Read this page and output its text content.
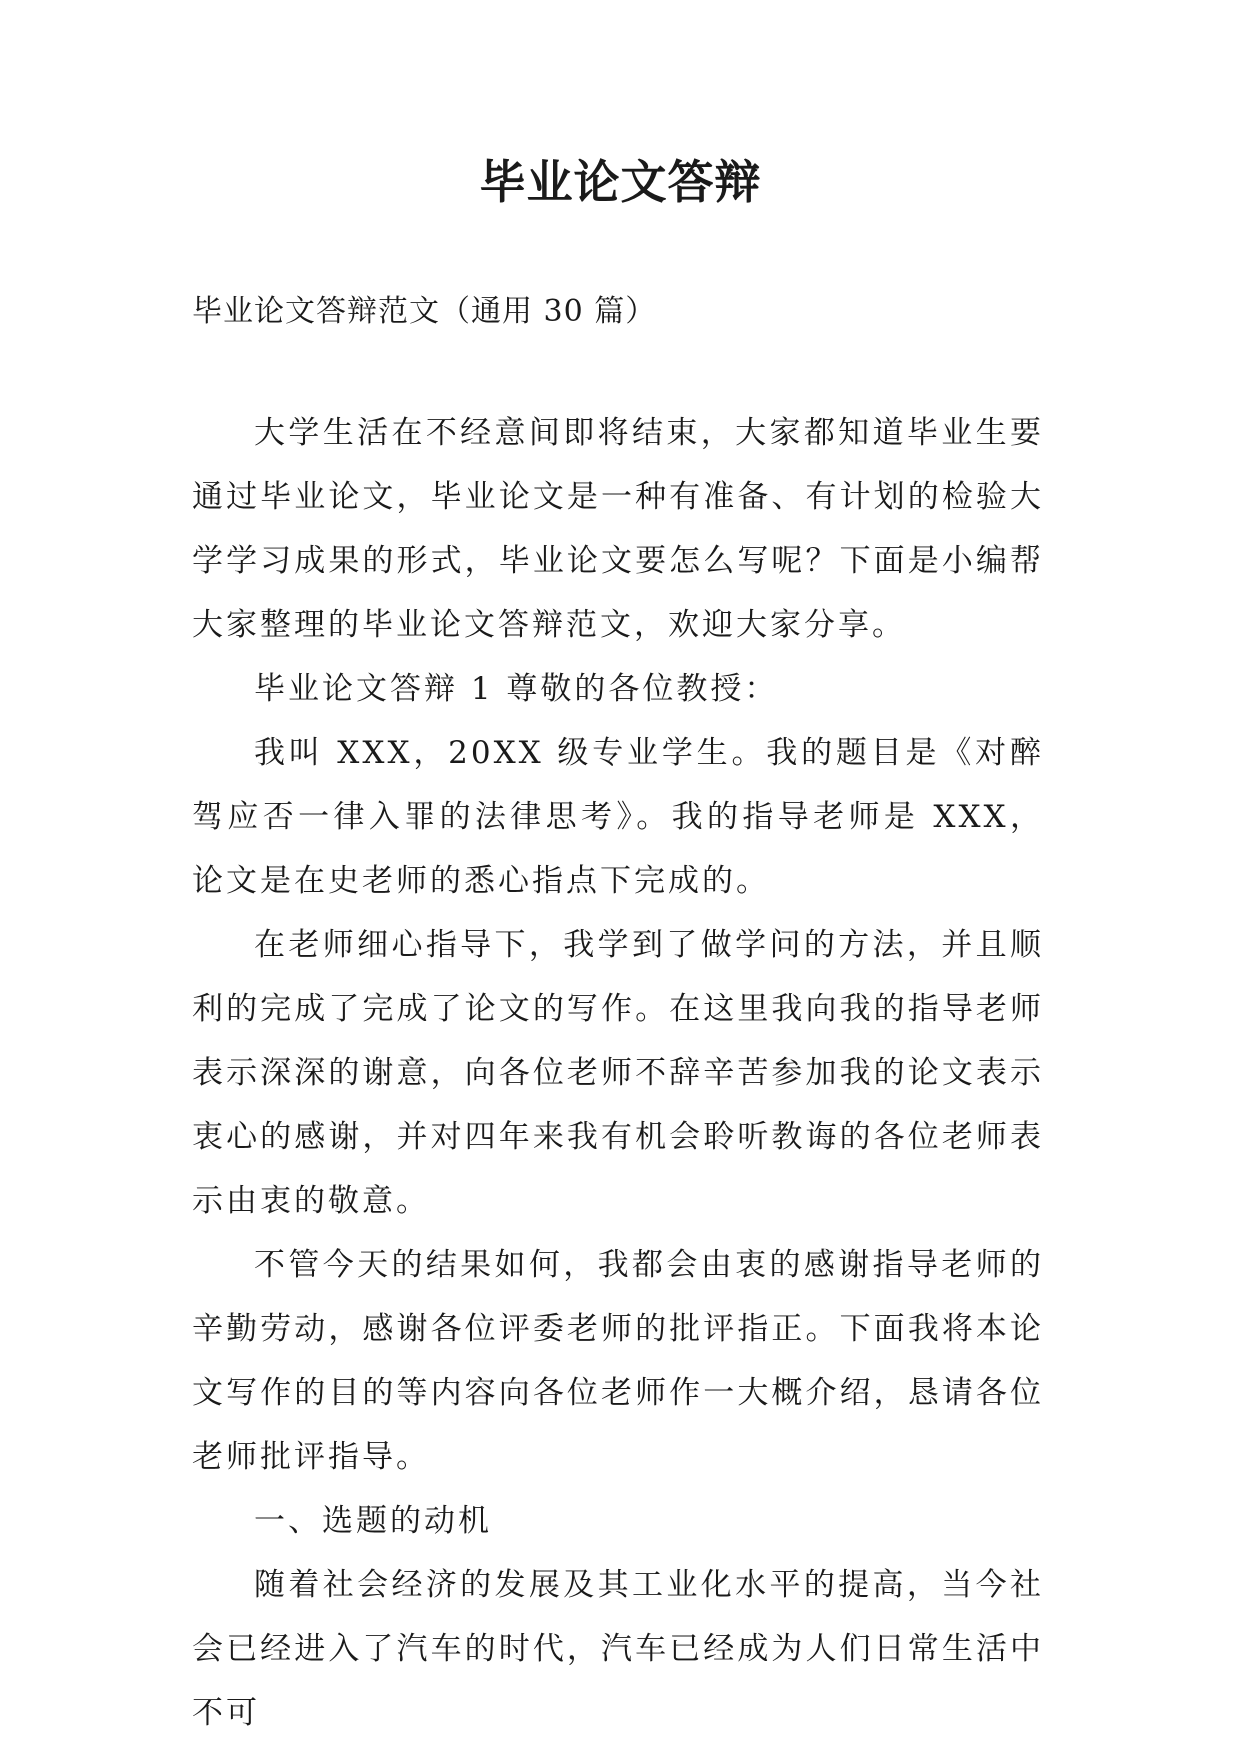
毕业论文答辩
毕业论文答辩范文（通用 30 篇）

大学生活在不经意间即将结束，大家都知道毕业生要通过毕业论文，毕业论文是一种有准备、有计划的检验大学学习成果的形式，毕业论文要怎么写呢？下面是小编帮大家整理的毕业论文答辩范文，欢迎大家分享。

毕业论文答辩 1 尊敬的各位教授：

我叫 XXX，20XX 级专业学生。我的题目是《对醉驾应否一律入罪的法律思考》。我的指导老师是 XXX，论文是在史老师的悉心指点下完成的。

在老师细心指导下，我学到了做学问的方法，并且顺利的完成了完成了论文的写作。在这里我向我的指导老师表示深深的谢意，向各位老师不辞辛苦参加我的论文表示衷心的感谢，并对四年来我有机会聆听教诲的各位老师表示由衷的敬意。

不管今天的结果如何，我都会由衷的感谢指导老师的辛勤劳动，感谢各位评委老师的批评指正。下面我将本论文写作的目的等内容向各位老师作一大概介绍，恳请各位老师批评指导。

一、选题的动机

随着社会经济的发展及其工业化水平的提高，当今社会已经进入了汽车的时代，汽车已经成为人们日常生活中不可
